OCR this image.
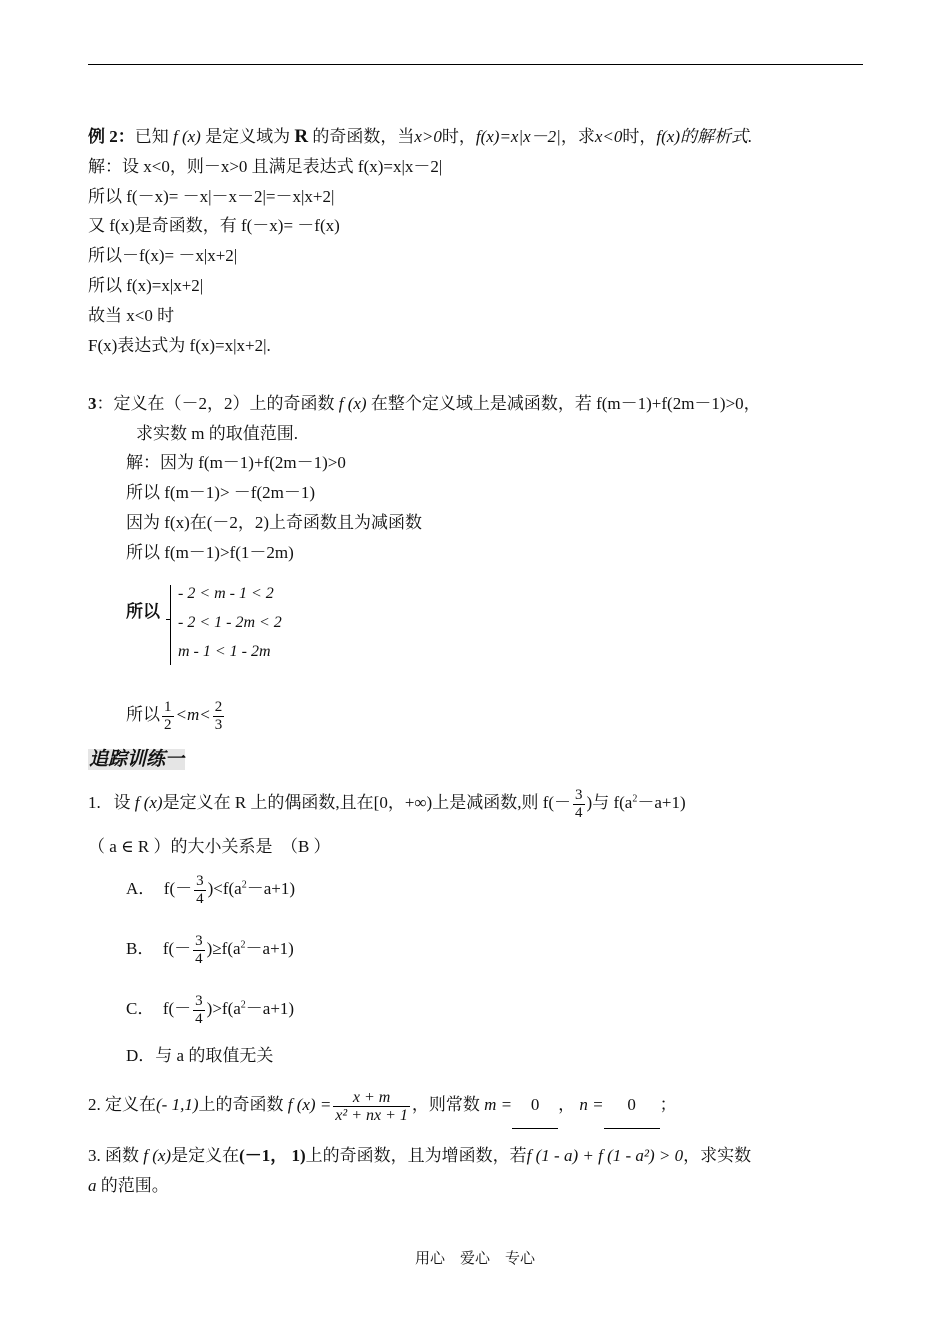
例 2：已知 f (x) 是定义域为 R 的奇函数，当x>0时，f(x)=x|x－2|，求x<0时，f(x)的解析式.
解：设 x<0，则－x>0 且满足表达式 f(x)=x|x－2|
所以 f(－x)= －x|－x－2|=－x|x+2|
又 f(x)是奇函数，有 f(－x)= －f(x)
所以－f(x)= －x|x+2|
所以 f(x)=x|x+2|
故当 x<0 时
F(x)表达式为 f(x)=x|x+2|.
3：定义在（－2，2）上的奇函数 f (x) 在整个定义域上是减函数，若 f(m－1)+f(2m－1)>0，
求实数 m 的取值范围.
解：因为 f(m－1)+f(2m－1)>0
所以 f(m－1)> －f(2m－1)
因为 f(x)在(－2，2)上奇函数且为减函数
所以 f(m－1)>f(1－2m)
所以
- 2 < m - 1 < 2
- 2 < 1 - 2m < 2
m - 1 < 1 - 2m
所以 $\frac{1}{2} <m< \frac{2}{3}$
追踪训练一
1. 设 f (x)是定义在 R 上的偶函数,且在[0，+∞)上是减函数,则 $f(- \frac{3}{4}$ )与 $f(a^2-a+1)$
（ a ∈ R ）的大小关系是　（B ）
A． $f(- \frac{3}{4} )<f(a^2-a+1)$
B． $f(- \frac{3}{4} )\ge f(a^2-a+1)$
C． $f(- \frac{3}{4} )>f(a^2-a+1)$
D．与 a 的取值无关
2. 定义在(- 1,1)上的奇函数 f $(x) = \frac{x + m}{\text{x² + nx + 1}}$ ，则常数 m = 0 ， n = 0 ；
3. 函数 f (x)是定义在(－1， 1)上的奇函数，且为增函数，若f (1 - a) + f (1 - a²) > 0，求实数
a 的范围。
用心　爱心　专心
